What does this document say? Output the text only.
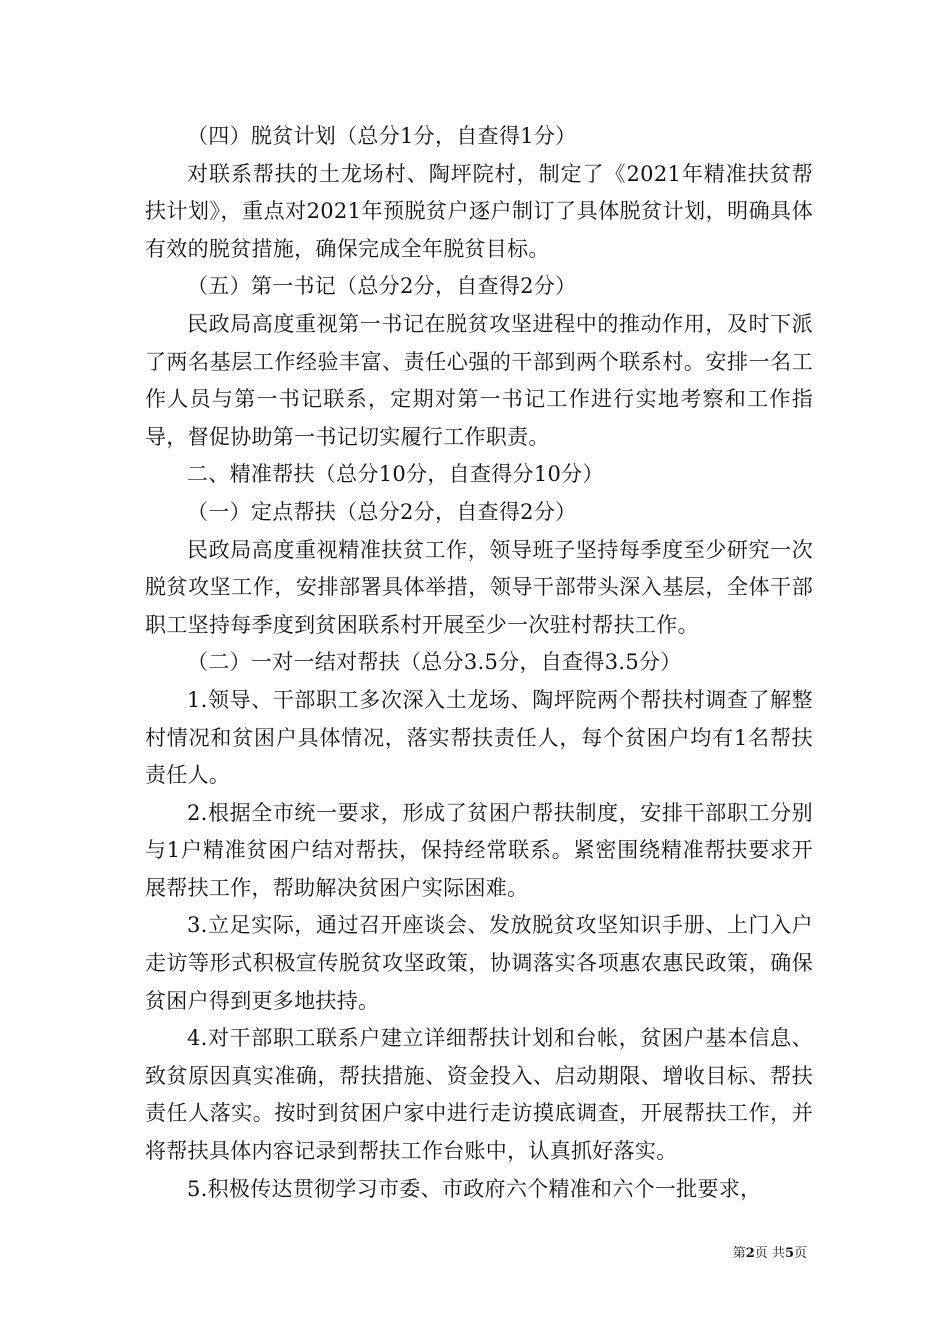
（四）脱贫计划（总分1分，自查得1分）

对联系帮扶的土龙场村、陶坪院村，制定了《2021年精准扶贫帮扶计划》，重点对2021年预脱贫户逐户制订了具体脱贫计划，明确具体有效的脱贫措施，确保完成全年脱贫目标。

（五）第一书记（总分2分，自查得2分）

民政局高度重视第一书记在脱贫攻坚进程中的推动作用，及时下派了两名基层工作经验丰富、责任心强的干部到两个联系村。安排一名工作人员与第一书记联系，定期对第一书记工作进行实地考察和工作指导，督促协助第一书记切实履行工作职责。

二、精准帮扶（总分10分，自查得分10分）

（一）定点帮扶（总分2分，自查得2分）

民政局高度重视精准扶贫工作，领导班子坚持每季度至少研究一次脱贫攻坚工作，安排部署具体举措，领导干部带头深入基层，全体干部职工坚持每季度到贫困联系村开展至少一次驻村帮扶工作。

（二）一对一结对帮扶（总分3.5分，自查得3.5分）

1.领导、干部职工多次深入土龙场、陶坪院两个帮扶村调查了解整村情况和贫困户具体情况，落实帮扶责任人，每个贫困户均有1名帮扶责任人。

2.根据全市统一要求，形成了贫困户帮扶制度，安排干部职工分别与1户精准贫困户结对帮扶，保持经常联系。紧密围绕精准帮扶要求开展帮扶工作，帮助解决贫困户实际困难。

3.立足实际，通过召开座谈会、发放脱贫攻坚知识手册、上门入户走访等形式积极宣传脱贫攻坚政策，协调落实各项惠农惠民政策，确保贫困户得到更多地扶持。

4.对干部职工联系户建立详细帮扶计划和台帐，贫困户基本信息、致贫原因真实准确，帮扶措施、资金投入、启动期限、增收目标、帮扶责任人落实。按时到贫困户家中进行走访摸底调查，开展帮扶工作，并将帮扶具体内容记录到帮扶工作台账中，认真抓好落实。

5.积极传达贯彻学习市委、市政府六个精准和六个一批要求，

第2页 共5页
